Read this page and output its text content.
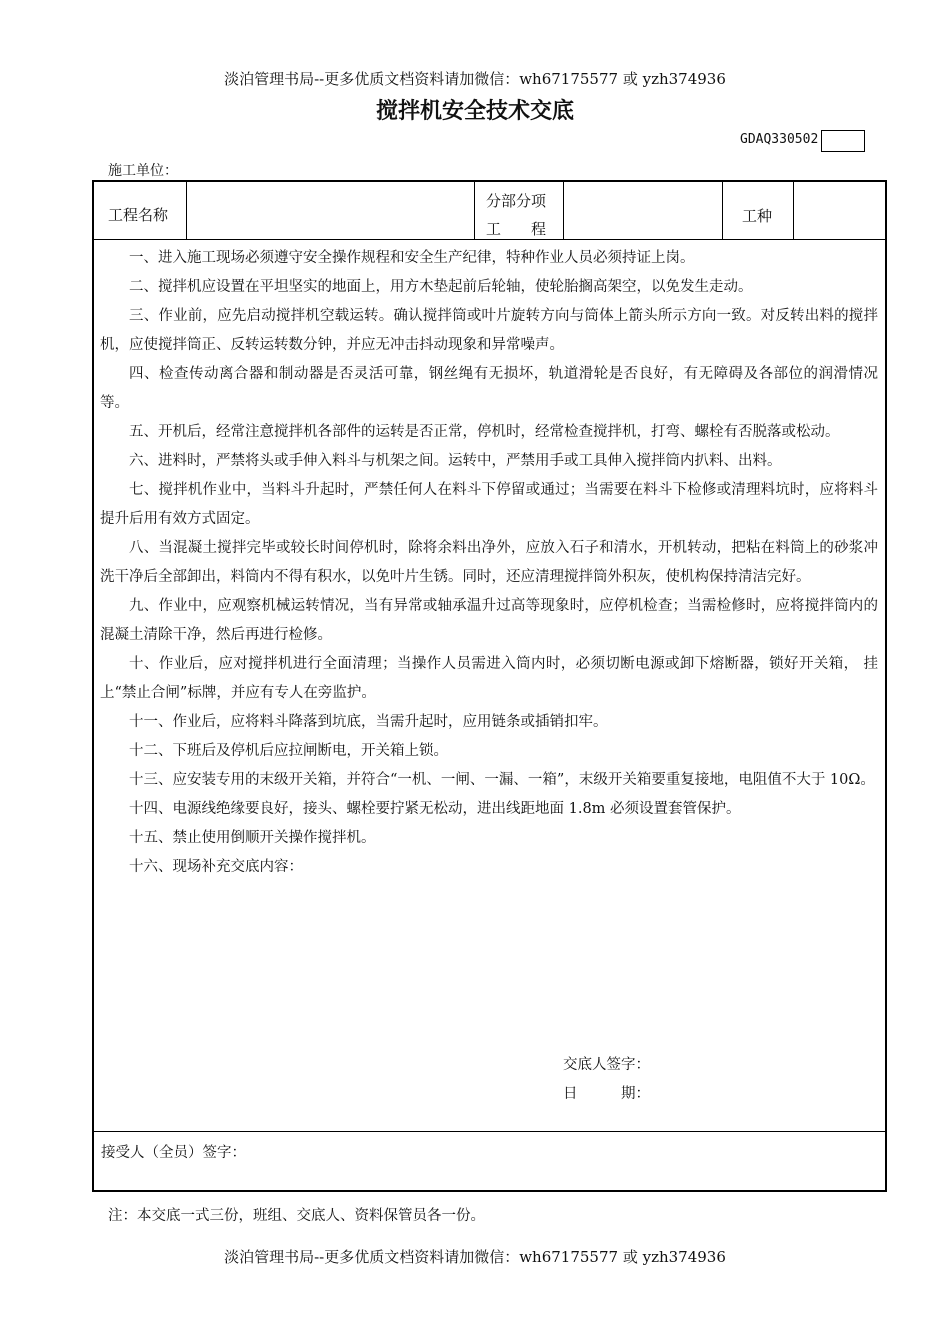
淡泊管理书局--更多优质文档资料请加微信：wh67175577 或 yzh374936
搅拌机安全技术交底
GDAQ330502
施工单位：
工程名称
分部分项
工　　程
工种

一、进入施工现场必须遵守安全操作规程和安全生产纪律，特种作业人员必须持证上岗。

二、搅拌机应设置在平坦坚实的地面上，用方木垫起前后轮轴，使轮胎搁高架空，以免发生走动。

三、作业前，应先启动搅拌机空载运转。确认搅拌筒或叶片旋转方向与筒体上箭头所示方向一致。对反转出料的搅拌机，应使搅拌筒正、反转运转数分钟，并应无冲击抖动现象和异常噪声。

四、检查传动离合器和制动器是否灵活可靠，钢丝绳有无损坏，轨道滑轮是否良好，有无障碍及各部位的润滑情况等。

五、开机后，经常注意搅拌机各部件的运转是否正常，停机时，经常检查搅拌机，打弯、螺栓有否脱落或松动。

六、进料时，严禁将头或手伸入料斗与机架之间。运转中，严禁用手或工具伸入搅拌筒内扒料、出料。

七、搅拌机作业中，当料斗升起时，严禁任何人在料斗下停留或通过；当需要在料斗下检修或清理料坑时，应将料斗提升后用有效方式固定。

八、当混凝土搅拌完毕或较长时间停机时，除将余料出净外，应放入石子和清水，开机转动，把粘在料筒上的砂浆冲洗干净后全部卸出，料筒内不得有积水，以免叶片生锈。同时，还应清理搅拌筒外积灰，使机构保持清洁完好。

九、作业中，应观察机械运转情况，当有异常或轴承温升过高等现象时，应停机检查；当需检修时，应将搅拌筒内的混凝土清除干净，然后再进行检修。

十、作业后，应对搅拌机进行全面清理；当操作人员需进入筒内时，必须切断电源或卸下熔断器，锁好开关箱， 挂上“禁止合闸”标牌，并应有专人在旁监护。

十一、作业后，应将料斗降落到坑底，当需升起时，应用链条或插销扣牢。

十二、下班后及停机后应拉闸断电，开关箱上锁。

十三、应安装专用的末级开关箱，并符合“一机、一闸、一漏、一箱”，末级开关箱要重复接地，电阻值不大于 10Ω。

十四、电源线绝缘要良好，接头、螺栓要拧紧无松动，进出线距地面 1.8m 必须设置套管保护。

十五、禁止使用倒顺开关操作搅拌机。

十六、现场补充交底内容：

交底人签字：
日　　　期：
接受人（全员）签字：
注：本交底一式三份，班组、交底人、资料保管员各一份。
淡泊管理书局--更多优质文档资料请加微信：wh67175577 或 yzh374936
